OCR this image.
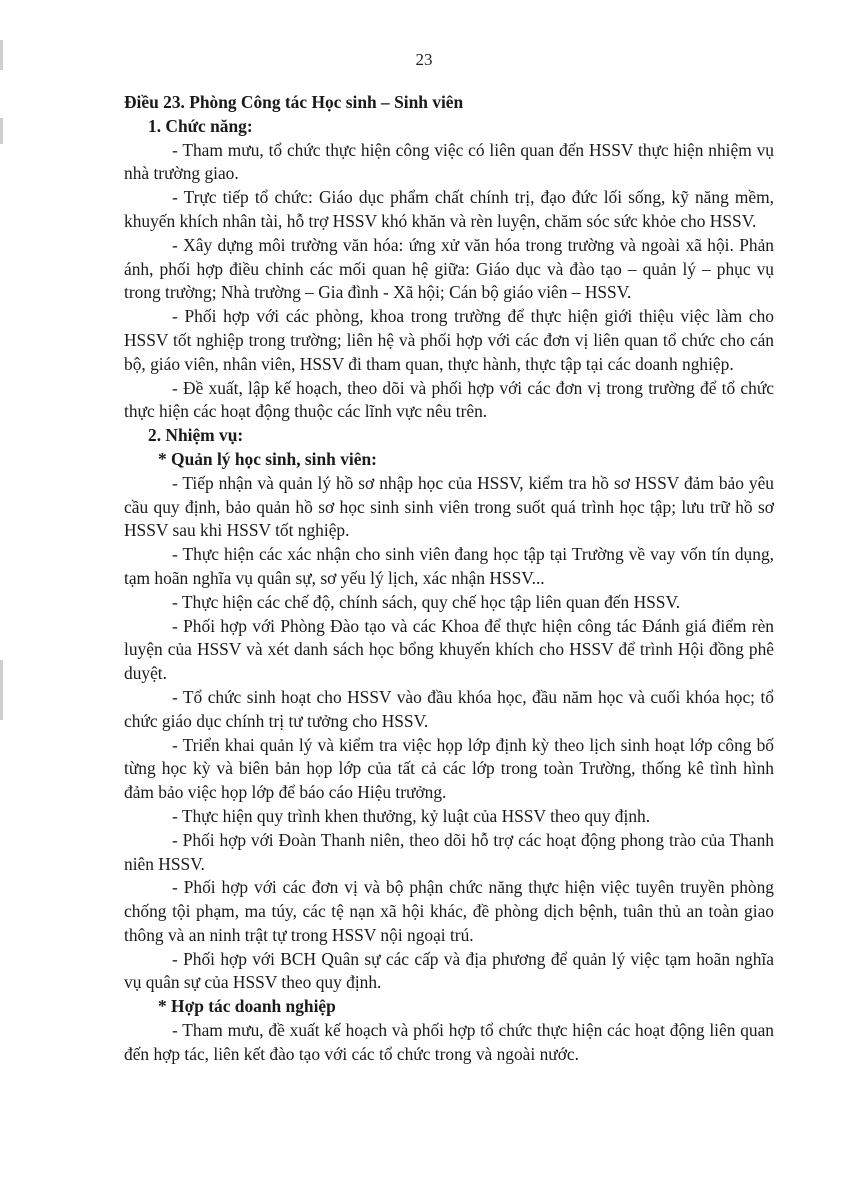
23

Điều 23. Phòng Công tác Học sinh – Sinh viên

1. Chức năng:

- Tham mưu, tổ chức thực hiện công việc có liên quan đến HSSV thực hiện nhiệm vụ nhà trường giao.

- Trực tiếp tổ chức: Giáo dục phẩm chất chính trị, đạo đức lối sống, kỹ năng mềm, khuyến khích nhân tài, hỗ trợ HSSV khó khăn và rèn luyện, chăm sóc sức khỏe cho HSSV.

- Xây dựng môi trường văn hóa: ứng xử văn hóa trong trường và ngoài xã hội. Phản ánh, phối hợp điều chỉnh các mối quan hệ giữa: Giáo dục và đào tạo – quản lý – phục vụ trong trường; Nhà trường – Gia đình - Xã hội; Cán bộ giáo viên – HSSV.

- Phối hợp với các phòng, khoa trong trường để thực hiện giới thiệu việc làm cho HSSV tốt nghiệp trong trường; liên hệ và phối hợp với các đơn vị liên quan tổ chức cho cán bộ, giáo viên, nhân viên, HSSV đi tham quan, thực hành, thực tập tại các doanh nghiệp.

- Đề xuất, lập kế hoạch, theo dõi và phối hợp với các đơn vị trong trường để tổ chức thực hiện các hoạt động thuộc các lĩnh vực nêu trên.

2. Nhiệm vụ:

* Quản lý học sinh, sinh viên:

- Tiếp nhận và quản lý hồ sơ nhập học của HSSV, kiểm tra hồ sơ HSSV đảm bảo yêu cầu quy định, bảo quản hồ sơ học sinh sinh viên trong suốt quá trình học tập; lưu trữ hồ sơ HSSV sau khi HSSV tốt nghiệp.

- Thực hiện các xác nhận cho sinh viên đang học tập tại Trường về vay vốn tín dụng, tạm hoãn nghĩa vụ quân sự, sơ yếu lý lịch, xác nhận HSSV...

- Thực hiện các chế độ, chính sách, quy chế học tập liên quan đến HSSV.

- Phối hợp với Phòng Đào tạo và các Khoa để thực hiện công tác Đánh giá điểm rèn luyện của HSSV và xét danh sách học bổng khuyến khích cho HSSV để trình Hội đồng phê duyệt.

- Tổ chức sinh hoạt cho HSSV vào đầu khóa học, đầu năm học và cuối khóa học; tổ chức giáo dục chính trị tư tưởng cho HSSV.

- Triển khai quản lý và kiểm tra việc họp lớp định kỳ theo lịch sinh hoạt lớp công bố từng học kỳ và biên bản họp lớp của tất cả các lớp trong toàn Trường, thống kê tình hình đảm bảo việc họp lớp để báo cáo Hiệu trưởng.

- Thực hiện quy trình khen thưởng, kỷ luật của HSSV theo quy định.

- Phối hợp với Đoàn Thanh niên, theo dõi hỗ trợ các hoạt động phong trào của Thanh niên HSSV.

- Phối hợp với các đơn vị và bộ phận chức năng thực hiện việc tuyên truyền phòng chống tội phạm, ma túy, các tệ nạn xã hội khác, đề phòng dịch bệnh, tuân thủ an toàn giao thông và an ninh trật tự trong HSSV nội ngoại trú.

- Phối hợp với BCH Quân sự các cấp và địa phương để quản lý việc tạm hoãn nghĩa vụ quân sự của HSSV theo quy định.

* Hợp tác doanh nghiệp

- Tham mưu, đề xuất kế hoạch và phối hợp tổ chức thực hiện các hoạt động liên quan đến hợp tác, liên kết đào tạo với các tổ chức trong và ngoài nước.
